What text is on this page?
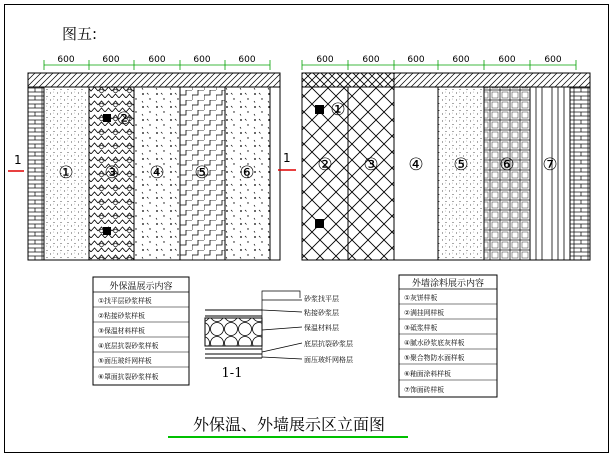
图五:
600	600	600	600	600
① ③ ④ ⑤ ⑥
②
1
600	600	600	600	600	600
①
② ③ ④ ⑤ ⑥ ⑦
1
外保温展示内容
①找平层砂浆样板
②粘接砂浆样板
③保温材料样板
④底层抗裂砂浆样板
⑤面压玻纤网样板
⑥罩面抗裂砂浆样板
砂浆找平层
粘接砂浆层
保温材料层
底层抗裂砂浆层
面压玻纤网格层
1-1
外墙涂料展示内容
①灰饼样板
②满挂网样板
③砥浆样板
④腻水砂浆底灰样板
⑤聚合物防水面样板
⑥釉面涂料样板
⑦饰面砖样板
外保温、外墙展示区立面图
